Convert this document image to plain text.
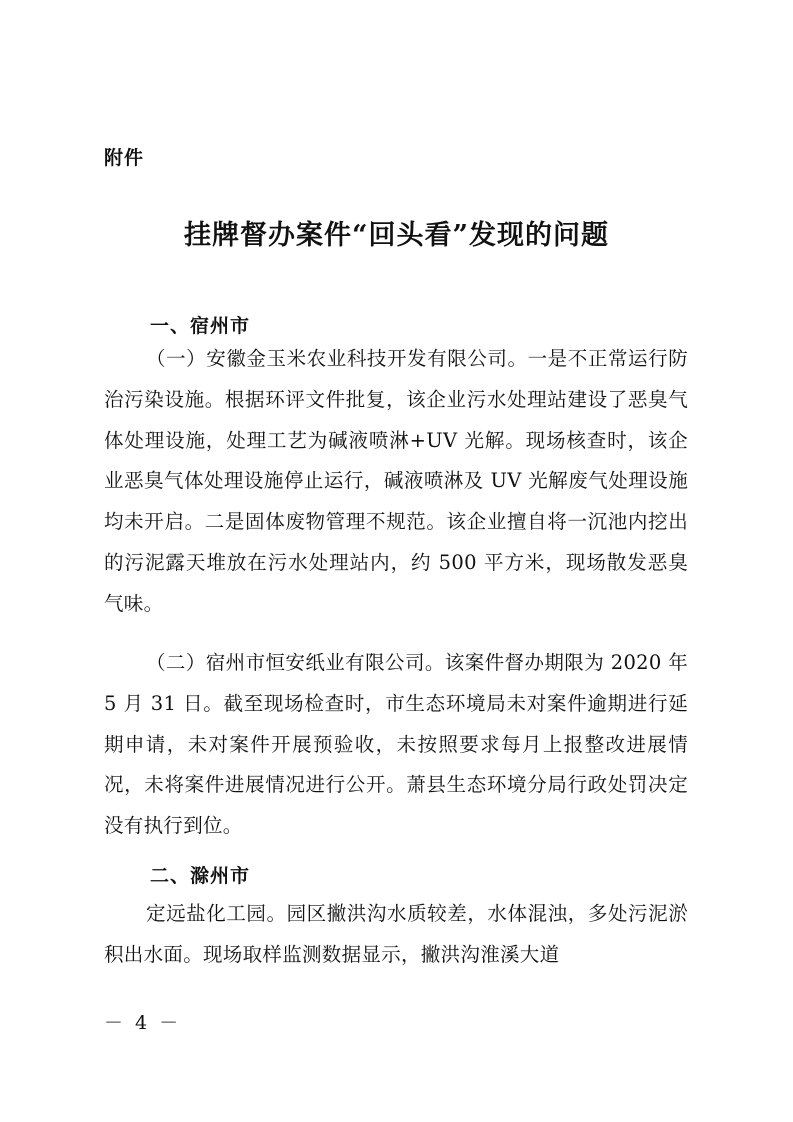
附件
挂牌督办案件“回头看”发现的问题
一、宿州市
（一）安徽金玉米农业科技开发有限公司。一是不正常运行防治污染设施。根据环评文件批复，该企业污水处理站建设了恶臭气体处理设施，处理工艺为碱液喷淋+UV 光解。现场核查时，该企业恶臭气体处理设施停止运行，碱液喷淋及 UV 光解废气处理设施均未开启。二是固体废物管理不规范。该企业擅自将一沉池内挖出的污泥露天堆放在污水处理站内，约 500 平方米，现场散发恶臭气味。
（二）宿州市恒安纸业有限公司。该案件督办期限为 2020 年 5 月 31 日。截至现场检查时，市生态环境局未对案件逾期进行延期申请，未对案件开展预验收，未按照要求每月上报整改进展情况，未将案件进展情况进行公开。萧县生态环境分局行政处罚决定没有执行到位。
二、滁州市
定远盐化工园。园区撇洪沟水质较差，水体混浊，多处污泥淤积出水面。现场取样监测数据显示，撇洪沟淮溪大道
－ 4 －
